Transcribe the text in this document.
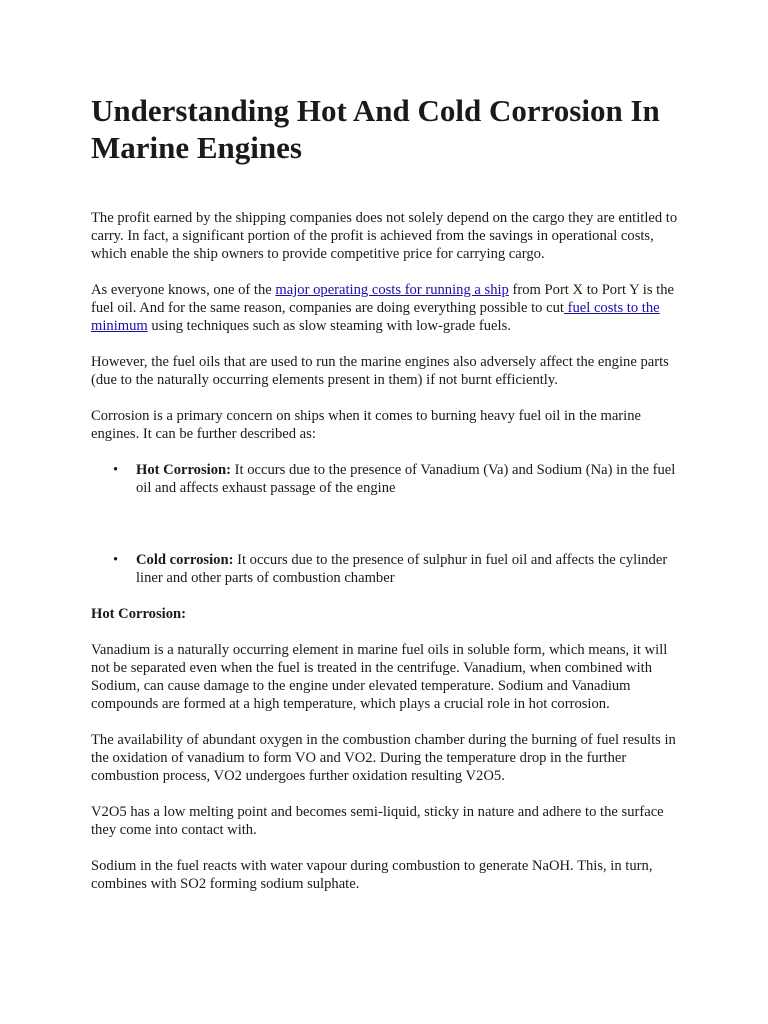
Understanding Hot And Cold Corrosion In Marine Engines

The profit earned by the shipping companies does not solely depend on the cargo they are entitled to carry. In fact, a significant portion of the profit is achieved from the savings in operational costs, which enable the ship owners to provide competitive price for carrying cargo.

As everyone knows, one of the major operating costs for running a ship from Port X to Port Y is the fuel oil. And for the same reason, companies are doing everything possible to cut fuel costs to the minimum using techniques such as slow steaming with low-grade fuels.

However, the fuel oils that are used to run the marine engines also adversely affect the engine parts (due to the naturally occurring elements present in them) if not burnt efficiently.

Corrosion is a primary concern on ships when it comes to burning heavy fuel oil in the marine engines. It can be further described as:

• Hot Corrosion: It occurs due to the presence of Vanadium (Va) and Sodium (Na) in the fuel oil and affects exhaust passage of the engine
• Cold corrosion: It occurs due to the presence of sulphur in fuel oil and affects the cylinder liner and other parts of combustion chamber

Hot Corrosion:

Vanadium is a naturally occurring element in marine fuel oils in soluble form, which means, it will not be separated even when the fuel is treated in the centrifuge. Vanadium, when combined with Sodium, can cause damage to the engine under elevated temperature. Sodium and Vanadium compounds are formed at a high temperature, which plays a crucial role in hot corrosion.

The availability of abundant oxygen in the combustion chamber during the burning of fuel results in the oxidation of vanadium to form VO and VO2. During the temperature drop in the further combustion process, VO2 undergoes further oxidation resulting V2O5.

V2O5 has a low melting point and becomes semi-liquid, sticky in nature and adhere to the surface they come into contact with.

Sodium in the fuel reacts with water vapour during combustion to generate NaOH. This, in turn, combines with SO2 forming sodium sulphate.
